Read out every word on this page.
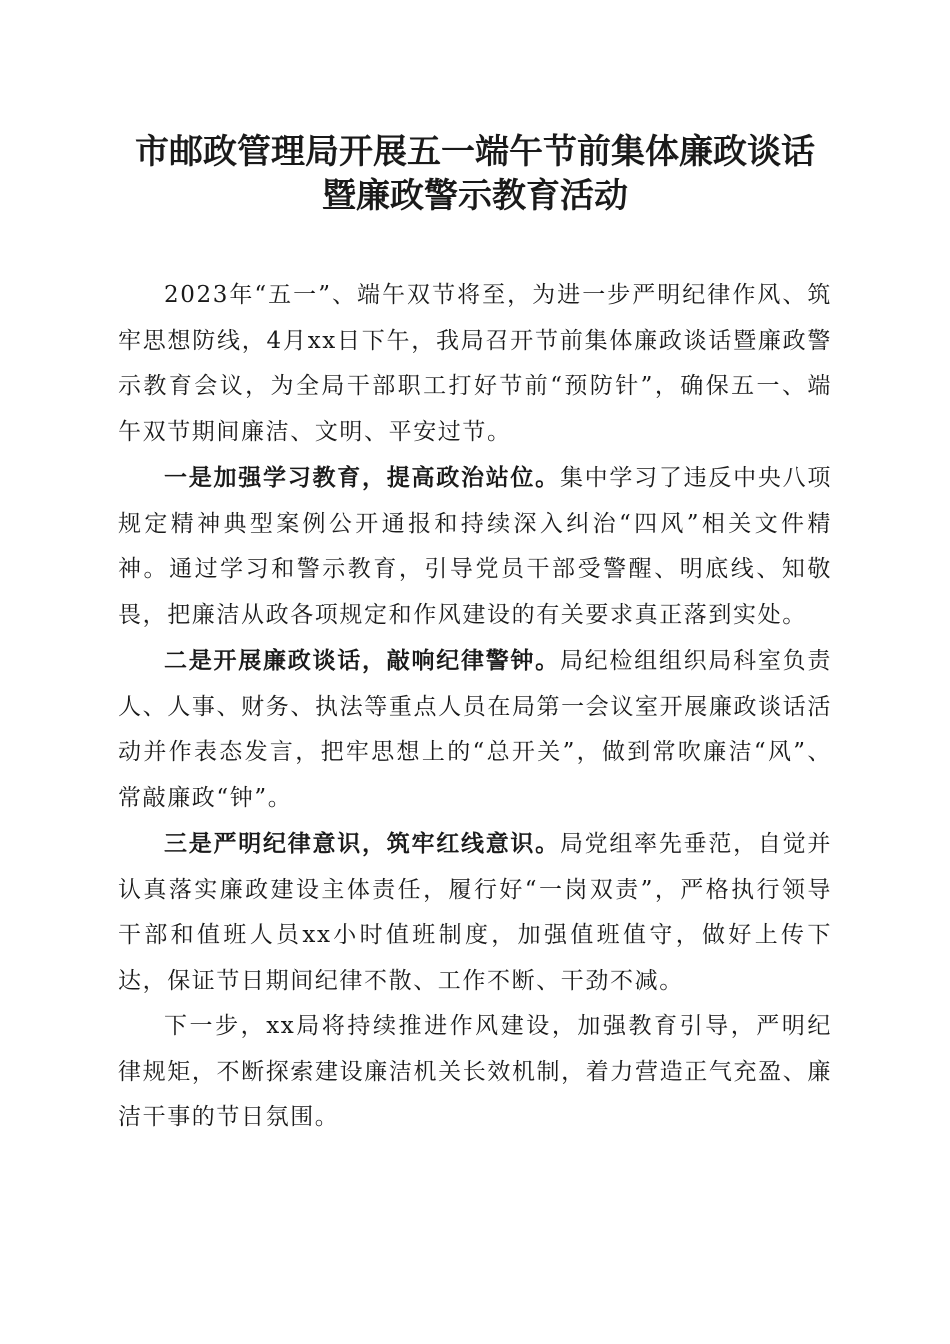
市邮政管理局开展五一端午节前集体廉政谈话
暨廉政警示教育活动

2023年“五一”、端午双节将至，为进一步严明纪律作风、筑牢思想防线，4月xx日下午，我局召开节前集体廉政谈话暨廉政警示教育会议，为全局干部职工打好节前“预防针”，确保五一、端午双节期间廉洁、文明、平安过节。

一是加强学习教育，提高政治站位。集中学习了违反中央八项规定精神典型案例公开通报和持续深入纠治“四风”相关文件精神。通过学习和警示教育，引导党员干部受警醒、明底线、知敬畏，把廉洁从政各项规定和作风建设的有关要求真正落到实处。

二是开展廉政谈话，敲响纪律警钟。局纪检组组织局科室负责人、人事、财务、执法等重点人员在局第一会议室开展廉政谈话活动并作表态发言，把牢思想上的“总开关”，做到常吹廉洁“风”、常敲廉政“钟”。

三是严明纪律意识，筑牢红线意识。局党组率先垂范，自觉并认真落实廉政建设主体责任，履行好“一岗双责”，严格执行领导干部和值班人员xx小时值班制度，加强值班值守，做好上传下达，保证节日期间纪律不散、工作不断、干劲不减。

下一步，xx局将持续推进作风建设，加强教育引导，严明纪律规矩，不断探索建设廉洁机关长效机制，着力营造正气充盈、廉洁干事的节日氛围。
